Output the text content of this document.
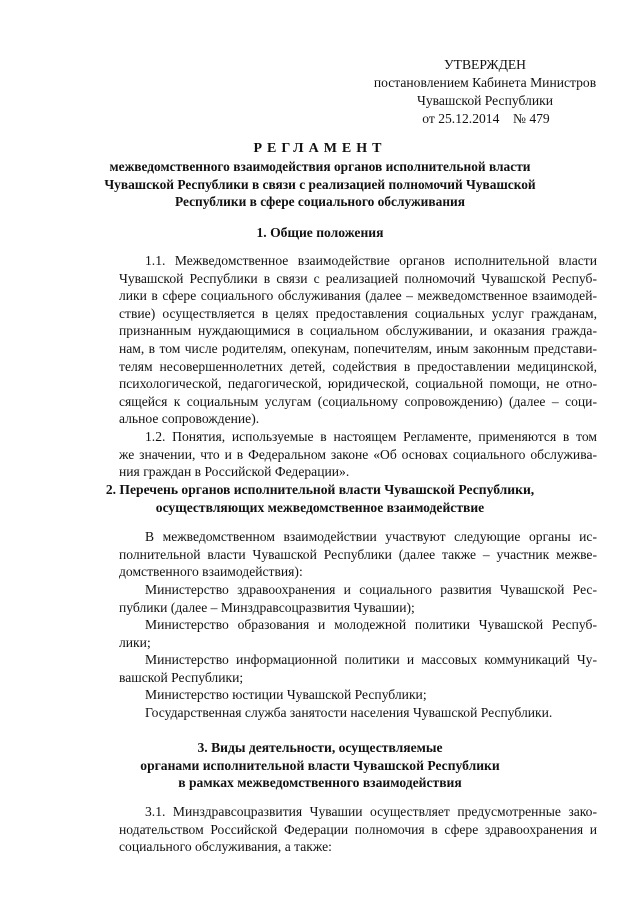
УТВЕРЖДЕН
постановлением Кабинета Министров
Чувашской Республики
от 25.12.2014    № 479
РЕГЛАМЕНТ
межведомственного взаимодействия органов исполнительной власти
Чувашской Республики в связи с реализацией полномочий Чувашской
Республики в сфере социального обслуживания
1. Общие положения
1.1. Межведомственное взаимодействие органов исполнительной власти
Чувашской Республики в связи с реализацией полномочий Чувашской Респуб-
лики в сфере социального обслуживания (далее – межведомственное взаимодей-
ствие) осуществляется в целях предоставления социальных услуг гражданам,
признанным нуждающимися в социальном обслуживании, и оказания гражда-
нам, в том числе родителям, опекунам, попечителям, иным законным представи-
телям несовершеннолетних детей, содействия в предоставлении медицинской,
психологической, педагогической, юридической, социальной помощи, не отно-
сящейся к социальным услугам (социальному сопровождению) (далее – соци-
альное сопровождение).
1.2. Понятия, используемые в настоящем Регламенте, применяются в том
же значении, что и в Федеральном законе «Об основах социального обслужива-
ния граждан в Российской Федерации».
2. Перечень органов исполнительной власти Чувашской Республики,
осуществляющих межведомственное взаимодействие
В межведомственном взаимодействии участвуют следующие органы ис-
полнительной власти Чувашской Республики (далее также – участник межве-
домственного взаимодействия):
Министерство здравоохранения и социального развития Чувашской Рес-
публики (далее – Минздравсоцразвития Чувашии);
Министерство образования и молодежной политики Чувашской Респуб-
лики;
Министерство информационной политики и массовых коммуникаций Чу-
вашской Республики;
Министерство юстиции Чувашской Республики;
Государственная служба занятости населения Чувашской Республики.
3. Виды деятельности, осуществляемые
органами исполнительной власти Чувашской Республики
в рамках межведомственного взаимодействия
3.1. Минздравсоцразвития Чувашии осуществляет предусмотренные зако-
нодательством Российской Федерации полномочия в сфере здравоохранения и
социального обслуживания, а также:
